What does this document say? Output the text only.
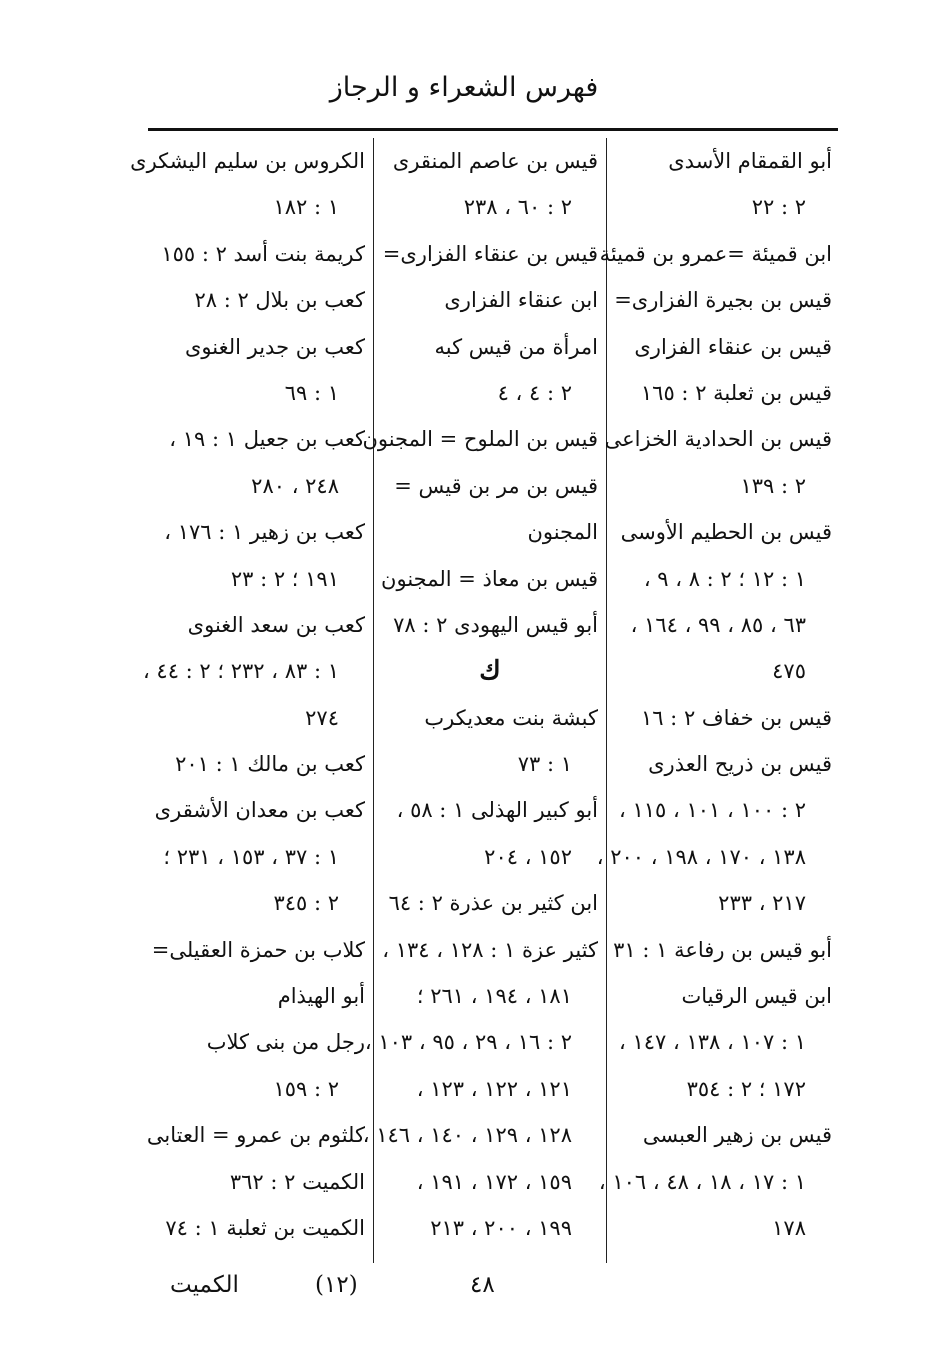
فهرس الشعراء و الرجاز
أبو القمقام الأسدى
٢ : ٢٢
ابن قميئة =عمرو بن قميئة
قيس بن بجيرة الفزارى=
قيس بن عنقاء الفزارى
قيس بن ثعلبة ٢ : ١٦٥
قيس بن الحدادية الخزاعى
٢ : ١٣٩
قيس بن الحطيم الأوسى
١ : ١٢ ؛ ٢ : ٨ ، ٩ ،
٦٣ ، ٨٥ ، ٩٩ ، ١٦٤ ،
٤٧٥
قيس بن خفاف ٢ : ١٦
قيس بن ذريح العذرى
٢ : ١٠٠ ، ١٠١ ، ١١٥ ،
١٣٨ ، ١٧٠ ، ١٩٨ ، ٢٠٠ ،
٢١٧ ، ٢٣٣
أبو قيس بن رفاعة ١ : ٣١
ابن قيس الرقيات
١ : ١٠٧ ، ١٣٨ ، ١٤٧ ،
١٧٢ ؛ ٢ : ٣٥٤
قيس بن زهير العبسى
١ : ١٧ ، ١٨ ، ٤٨ ، ١٠٦ ،
١٧٨
قيس بن عاصم المنقرى
٢ : ٦٠ ، ٢٣٨
قيس بن عنقاء الفزارى=
ابن عنقاء الفزارى
امرأة من قيس كبه
٢ : ٤ ، ٤
قيس بن الملوح = المجنون
قيس بن مر بن قيس =
المجنون
قيس بن معاذ = المجنون
أبو قيس اليهودى ٢ : ٧٨
ك
كبشة بنت معديكرب
١ : ٧٣
أبو كبير الهذلى ١ : ٥٨ ،
١٥٢ ، ٢٠٤
ابن كثير بن عذرة ٢ : ٦٤
كثير عزة ١ : ١٢٨ ، ١٣٤ ،
١٨١ ، ١٩٤ ، ٢٦١ ؛
٢ : ١٦ ، ٢٩ ، ٩٥ ، ١٠٣ ،
١٢١ ، ١٢٢ ، ١٢٣ ،
١٢٨ ، ١٢٩ ، ١٤٠ ، ١٤٦ ،
١٥٩ ، ١٧٢ ، ١٩١ ،
١٩٩ ، ٢٠٠ ، ٢١٣
الكروس بن سليم اليشكرى
١ : ١٨٢
كريمة بنت أسد ٢ : ١٥٥
كعب بن بلال ٢ : ٢٨
كعب بن جدير الغنوى
١ : ٦٩
كعب بن جعيل ١ : ١٩ ،
٢٤٨ ، ٢٨٠
كعب بن زهير ١ : ١٧٦ ،
١٩١ ؛ ٢ : ٢٣
كعب بن سعد الغنوى
١ : ٨٣ ، ٢٣٢ ؛ ٢ : ٤٤ ،
٢٧٤
كعب بن مالك ١ : ٢٠١
كعب بن معدان الأشقرى
١ : ٣٧ ، ١٥٣ ، ٢٣١ ؛
٢ : ٣٤٥
كلاب بن حمزة العقيلى=
أبو الهيذام
رجل من بنى كلاب
٢ : ١٥٩
كلثوم بن عمرو = العتابى
الكميت ٢ : ٣٦٢
الكميت بن ثعلبة ١ : ٧٤
٤٨
(١٢)
الكميت
